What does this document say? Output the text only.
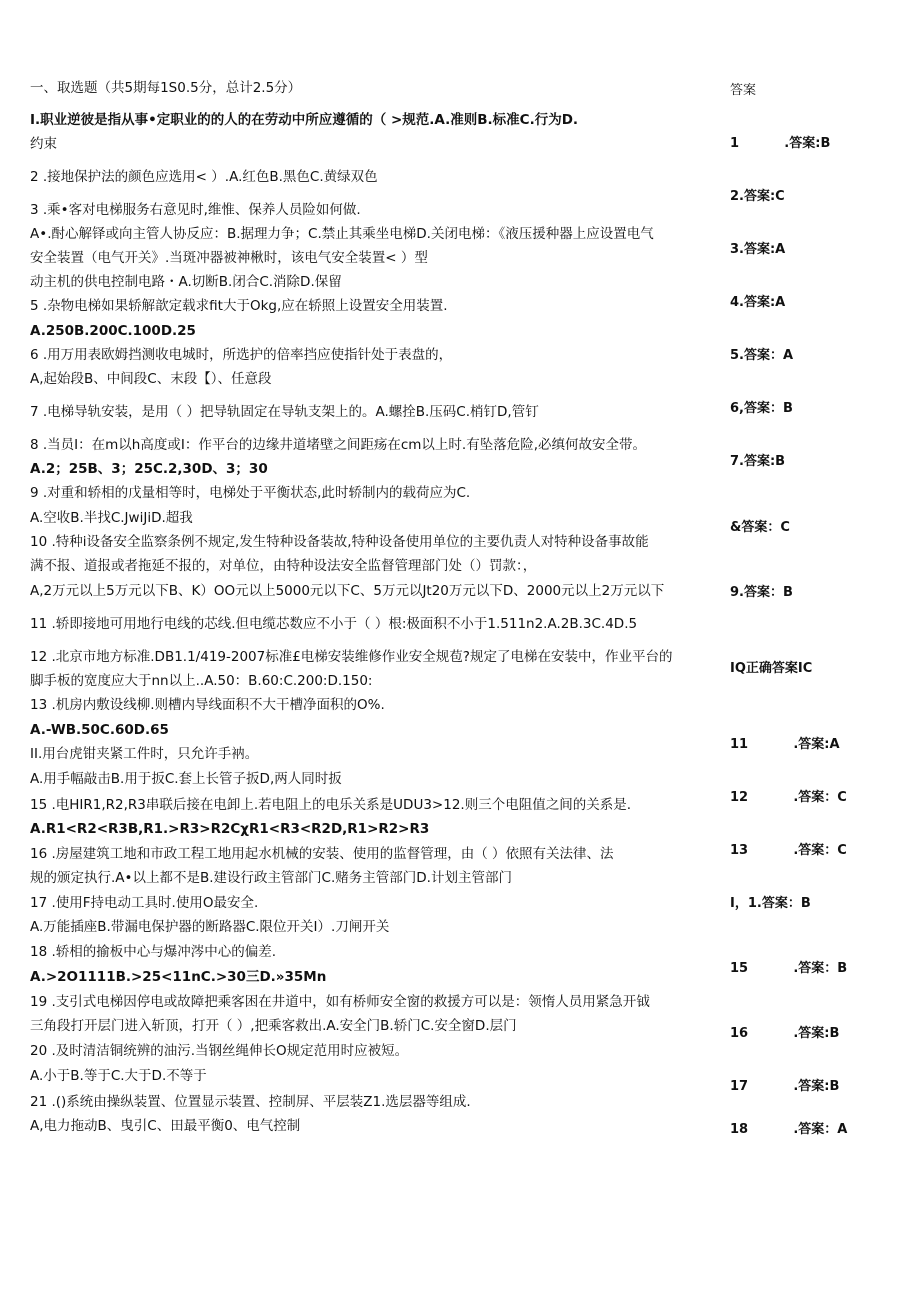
一、取选题（共5期每1S0.5分，总计2.5分）
I.职业逆彼是指从事•定职业的的人的在劳动中所应遵循的（ >规范.A.准则B.标准C.行为D.
约束
2 .接地保护法的颜色应选用< ）.A.红色B.黑色C.黄绿双色
3 .乘•客对电梯服务右意见时,维惟、保养人员险如何做.
A•.酎心解铎或向主管人协反应：B.据理力争；C.禁止其乘坐电梯D.关闭电梯：《液压援种器上应设置电气
安全装置（电气开关》.当斑冲器被神楸时，该电气安全装置< ）型
动主机的供电控制电路・A.切断B.闭合C.消除D.保留
5 .杂物电梯如果轿解歆定载求fit大于Okg,应在轿照上设置安全用装置.
A.250B.200C.100D.25
6 .用万用表欧姆挡测收电城时，所选护的倍率挡应使指针处于表盘的，
A,起始段B、中间段C、末段【）、任意段
7 .电梯导轨安装，是用（ ）把导轨固定在导轨支架上的。A.螺拴B.压码C.梢钉D,管钉
8 .当员I：在m以h高度或I：作平台的边缘井道堵壁之间距疡在cm以上时.有坠落危险,必缜何故安全带。
A.2；25B、3；25C.2,30D、3；30
9 .对重和轿相的戊量相等时，电梯处于平衡状态,此时轿制内的载荷应为C.
A.空收B.半找C.JwiJiD.超我
10 .特种i设备安全监察条例不规定,发生特种设备装故,特种设备使用单位的主要仇责人对特种设备事故能
满不报、道报或者拖延不报的，对单位，由特种设法安全监督管理部门处（）罚款：，
A,2万元以上5万元以下B、K）OO元以上5000元以下C、5万元以Jt20万元以下D、2000元以上2万元以下
11 .轿即接地可用地行电线的芯线.但电缆芯数应不小于（ ）根:极面积不小于1.511n2.A.2B.3C.4D.5
12 .北京市地方标准.DB1.1/419-2007标准£电梯安装维修作业安全规苞?规定了电梯在安装中，作业平台的
脚手板的宽度应大于nn以上..A.50：B.60:C.200:D.150:
13 .机房内敷设线柳.则槽内导线面积不大干槽净面积的O%.
A.-WB.50C.60D.65
II.用台虎钳夹紧工件时，只允许手衲。
A.用手幅敲击B.用于扳C.套上长管子扳D,两人同时扳
15 .电HIR1,R2,R3串联后接在电卸上.若电阻上的电乐关系是UDU3>12.则三个电阻值之间的关系是.
A.R1<R2<R3B,R1.>R3>R2CχR1<R3<R2D,R1>R2>R3
16 .房屋建筑工地和市政工程工地用起水机械的安装、使用的监督管理，由（ ）依照有关法律、法
规的颁定执行.A•以上都不是B.建设行政主管部门C.赌务主管部门D.计划主管部门
17 .使用F持电动工具时.使用O最安全.
A.万能插座B.带漏电保护器的断路器C.限位开关I）.刀闸开关
18 .轿相的揄板中心与爆冲涔中心的偏差.
A.>2O1111B.>25<11nC.>30三D.»35Mn
19 .支引式电梯因停电或故障把乘客困在井道中，如有桥师安全窗的救援方可以是：领惰人员用紧急开钺
三角段打开层门进入斩顶，打开（ ）,把乘客救出.A.安全门B.轿门C.安全窗D.层门
20 .及时清洁铜统辨的油污.当钢丝绳伸长O规定范用时应被短。
A.小于B.等于C.大于D.不等于
21 .()系统由操纵装置、位置显示装置、控制屏、平层装Z1.选层器等组成.
A,电力拖动B、曳引C、田最平衡0、电气控制
答案
1          .答案:B
2.答案:C
3.答案:A
4.答案:A
5.答案：A
6,答案：B
7.答案:B
&答案：C
9.答案：B
IQ正确答案IC
11          .答案:A
12          .答案：C
13          .答案：C
I，1.答案：B
15          .答案：B
16          .答案:B
17          .答案:B
18          .答案：A
